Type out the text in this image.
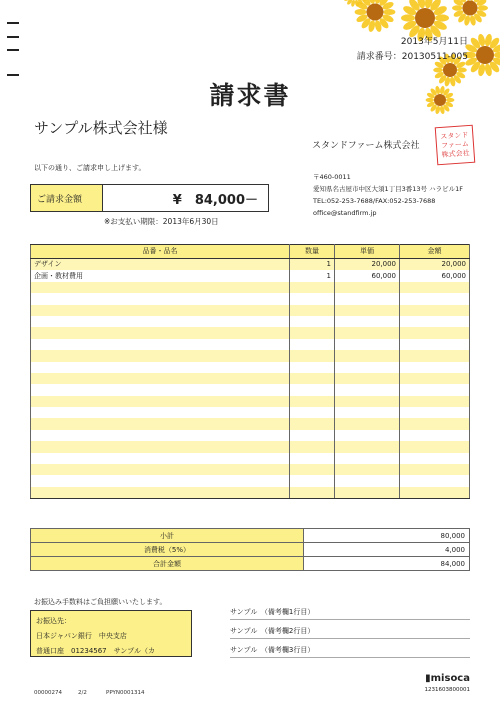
2013年5月11日
請求番号：20130511-005
請求書
サンプル株式会社様
以下の通り、ご請求申し上げます。
ご請求金額	¥　84,000－
※お支払い期限：2013年6月30日
スタンドファーム株式会社
スタンドファーム株式会社
〒460-0011
愛知県名古屋市中区大須1丁目3番13号 ハラビル1F
TEL:052-253-7688/FAX:052-253-7688
office@standfirm.jp
品番・品名	数量	単価	金額
デザイン	1	20,000	20,000
企画・教材費用	1	60,000	60,000

小計	80,000
消費税（5%）	4,000
合計金額	84,000
お振込み手数料はご負担願いいたします。
お振込先：
日本ジャパン銀行　中央支店
普通口座　01234567　サンプル（カ
サンプル　（備考欄1行目）
サンプル　（備考欄2行目）
サンプル　（備考欄3行目）
00000274	2/2	PPYN0001314
▮misoca
1231603800001
